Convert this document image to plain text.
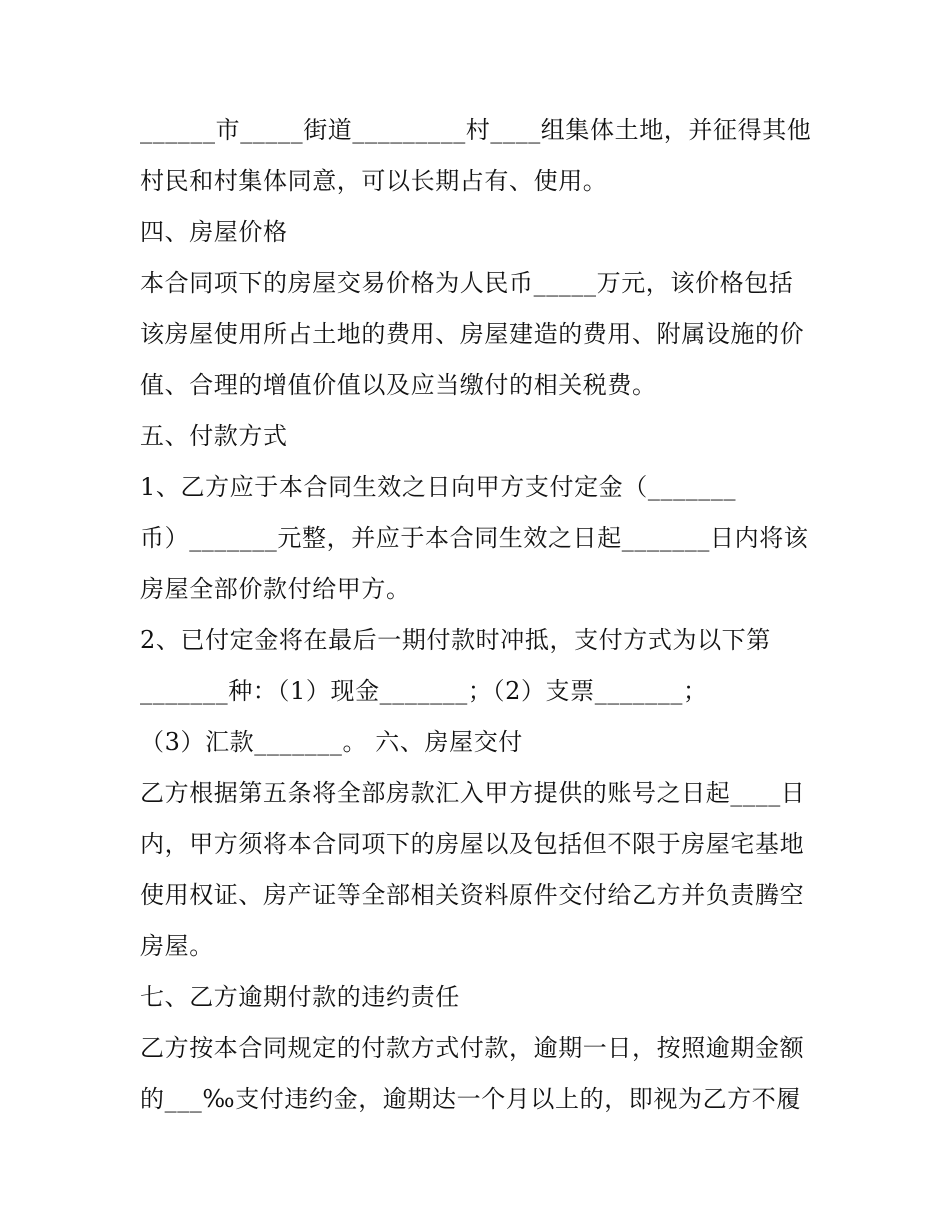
______市_____街道_________村____组集体土地，并征得其他
村民和村集体同意，可以长期占有、使用。
四、房屋价格
本合同项下的房屋交易价格为人民币_____万元，该价格包括
该房屋使用所占土地的费用、房屋建造的费用、附属设施的价
值、合理的增值价值以及应当缴付的相关税费。
五、付款方式
1、乙方应于本合同生效之日向甲方支付定金（_______
币）_______元整，并应于本合同生效之日起_______日内将该
房屋全部价款付给甲方。
2、已付定金将在最后一期付款时冲抵，支付方式为以下第
_______种：（1）现金_______；（2）支票_______；
（3）汇款_______。 六、房屋交付
乙方根据第五条将全部房款汇入甲方提供的账号之日起____日
内，甲方须将本合同项下的房屋以及包括但不限于房屋宅基地
使用权证、房产证等全部相关资料原件交付给乙方并负责腾空
房屋。
七、乙方逾期付款的违约责任
乙方按本合同规定的付款方式付款，逾期一日，按照逾期金额
的___‰支付违约金，逾期达一个月以上的，即视为乙方不履
